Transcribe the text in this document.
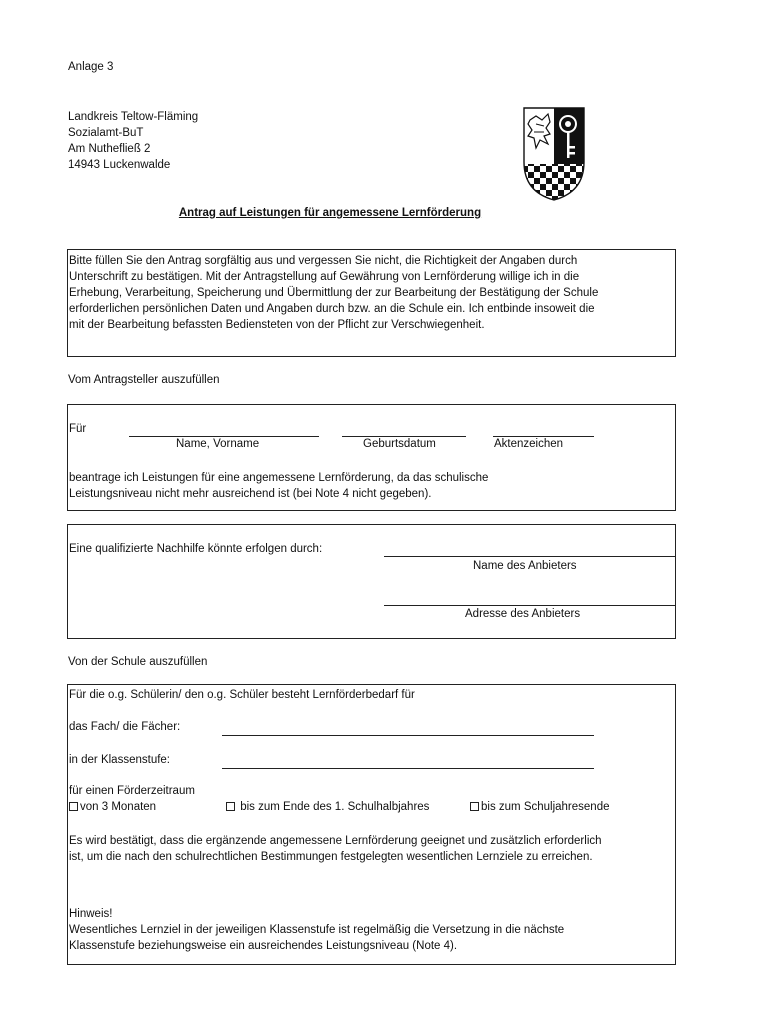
Anlage 3
Landkreis Teltow-Fläming
Sozialamt-BuT
Am Nuthefließ 2
14943 Luckenwalde
Antrag auf Leistungen für angemessene Lernförderung
Bitte füllen Sie den Antrag sorgfältig aus und vergessen Sie nicht, die Richtigkeit der Angaben durch
Unterschrift zu bestätigen. Mit der Antragstellung auf Gewährung von Lernförderung willige ich in die
Erhebung, Verarbeitung, Speicherung und Übermittlung der zur Bearbeitung der Bestätigung der Schule
erforderlichen persönlichen Daten und Angaben durch bzw. an die Schule ein. Ich entbinde insoweit die
mit der Bearbeitung befassten Bediensteten von der Pflicht zur Verschwiegenheit.
Vom Antragsteller auszufüllen
Für
Name, Vorname	Geburtsdatum	Aktenzeichen
beantrage ich Leistungen für eine angemessene Lernförderung, da das schulische
Leistungsniveau nicht mehr ausreichend ist (bei Note 4 nicht gegeben).
Eine qualifizierte Nachhilfe könnte erfolgen durch:
Name des Anbieters
Adresse des Anbieters
Von der Schule auszufüllen
Für die o.g. Schülerin/ den o.g. Schüler besteht Lernförderbedarf für
das Fach/ die Fächer:
in der Klassenstufe:
für einen Förderzeitraum
von 3 Monaten	bis zum Ende des 1. Schulhalbjahres	bis zum Schuljahresende
Es wird bestätigt, dass die ergänzende angemessene Lernförderung geeignet und zusätzlich erforderlich
ist, um die nach den schulrechtlichen Bestimmungen festgelegten wesentlichen Lernziele zu erreichen.
Hinweis!
Wesentliches Lernziel in der jeweiligen Klassenstufe ist regelmäßig die Versetzung in die nächste
Klassenstufe beziehungsweise ein ausreichendes Leistungsniveau (Note 4).
